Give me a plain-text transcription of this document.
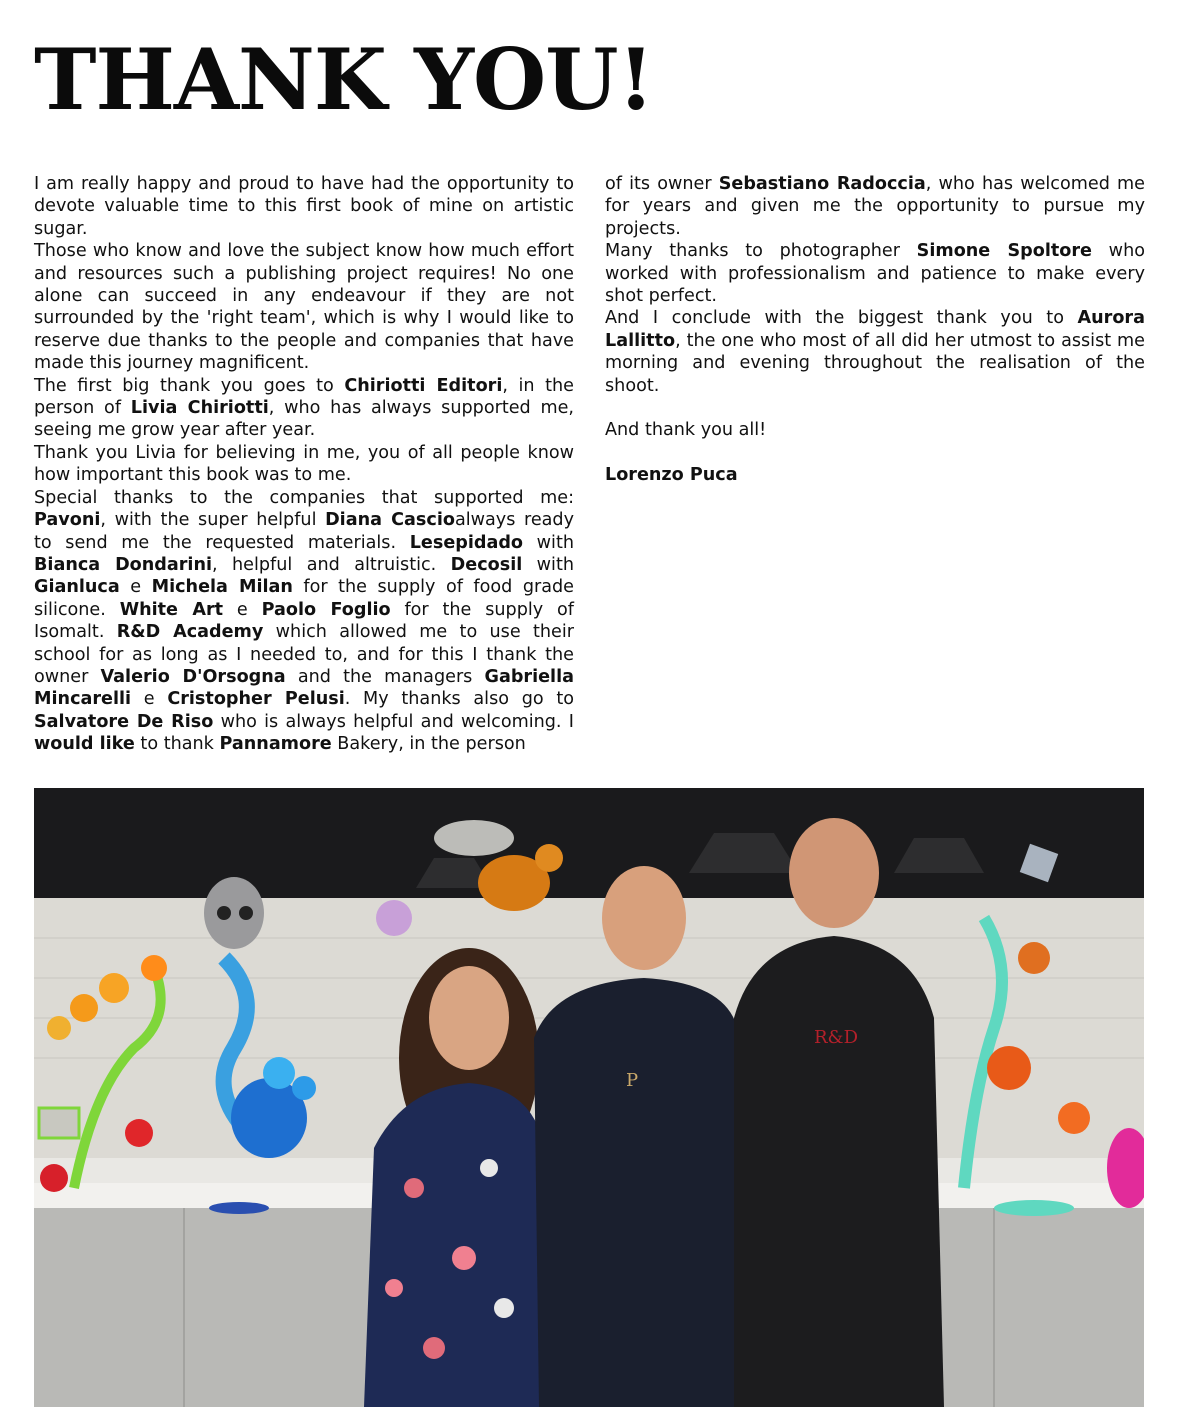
THANK YOU!

I am really happy and proud to have had the opportunity to devote valuable time to this first book of mine on artistic sugar.

Those who know and love the subject know how much effort and resources such a publishing project requires! No one alone can succeed in any endeavour if they are not surrounded by the 'right team', which is why I would like to reserve due thanks to the people and companies that have made this journey magnificent.

The first big thank you goes to Chiriotti Editori, in the person of Livia Chiriotti, who has always supported me, seeing me grow year after year.

Thank you Livia for believing in me, you of all people know how important this book was to me.

Special thanks to the companies that supported me: Pavoni, with the super helpful Diana Cascioalways ready to send me the requested materials. Lesepidado with Bianca Dondarini, helpful and altruistic. Decosil with Gianluca e Michela Milan for the supply of food grade silicone. White Art e Paolo Foglio for the supply of Isomalt. R&D Academy which allowed me to use their school for as long as I needed to, and for this I thank the owner Valerio D'Orsogna and the managers Gabriella Mincarelli e Cristopher Pelusi. My thanks also go to Salvatore De Riso who is always helpful and welcoming. I would like to thank Pannamore Bakery, in the person

of its owner Sebastiano Radoccia, who has welcomed me for years and given me the opportunity to pursue my projects.

Many thanks to photographer Simone Spoltore who worked with professionalism and patience to make every shot perfect.

And I conclude with the biggest thank you to Aurora Lallitto, the one who most of all did her utmost to assist me morning and evening throughout the realisation of the shoot.

And thank you all!

Lorenzo Puca

P
R&D
